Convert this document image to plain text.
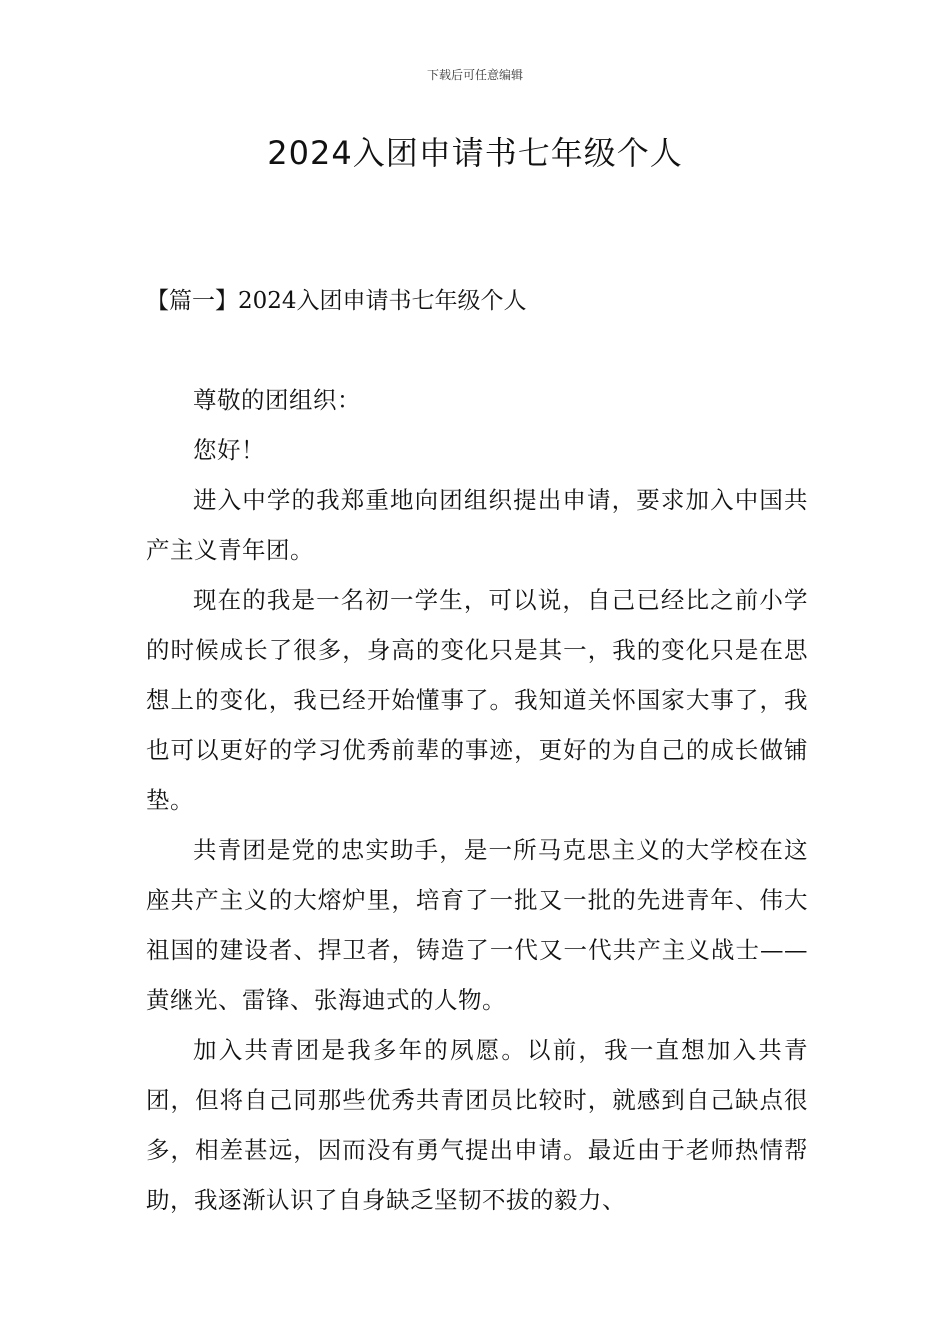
下载后可任意编辑
2024入团申请书七年级个人
【篇一】2024入团申请书七年级个人

尊敬的团组织：

您好！

进入中学的我郑重地向团组织提出申请，要求加入中国共产主义青年团。

现在的我是一名初一学生，可以说，自己已经比之前小学的时候成长了很多，身高的变化只是其一，我的变化只是在思想上的变化，我已经开始懂事了。我知道关怀国家大事了，我也可以更好的学习优秀前辈的事迹，更好的为自己的成长做铺垫。

共青团是党的忠实助手，是一所马克思主义的大学校在这座共产主义的大熔炉里，培育了一批又一批的先进青年、伟大祖国的建设者、捍卫者，铸造了一代又一代共产主义战士——黄继光、雷锋、张海迪式的人物。

加入共青团是我多年的夙愿。以前，我一直想加入共青团，但将自己同那些优秀共青团员比较时，就感到自己缺点很多，相差甚远，因而没有勇气提出申请。最近由于老师热情帮助，我逐渐认识了自身缺乏坚韧不拔的毅力、
